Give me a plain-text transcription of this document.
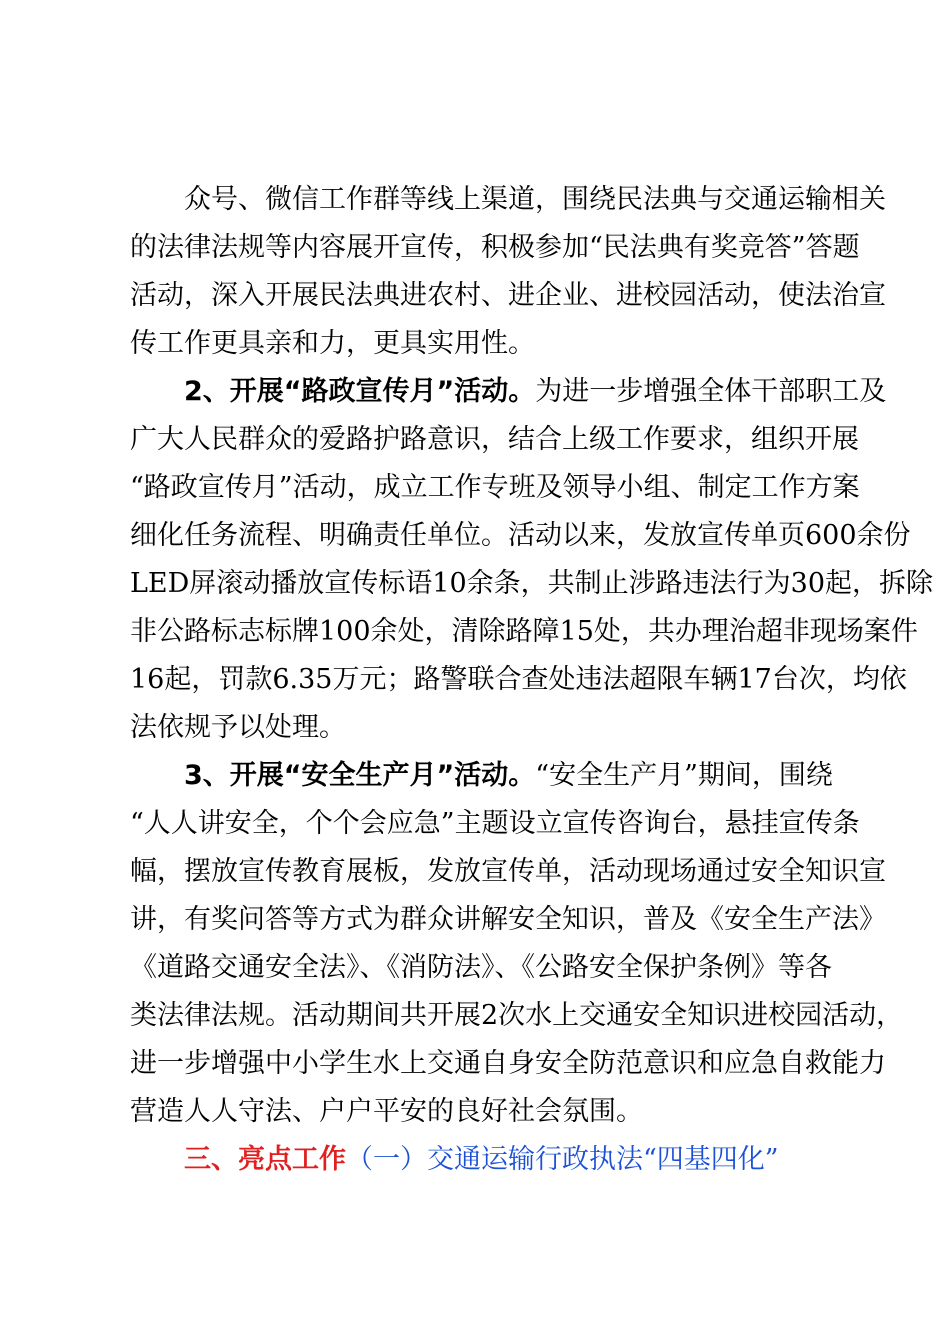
众号、微信工作群等线上渠道，围绕民法典与交通运输相关
的法律法规等内容展开宣传，积极参加“民法典有奖竞答”答题
活动，深入开展民法典进农村、进企业、进校园活动，使法治宣
传工作更具亲和力，更具实用性。

2、开展“路政宣传月”活动。为进一步增强全体干部职工及
广大人民群众的爱路护路意识，结合上级工作要求，组织开展
“路政宣传月”活动，成立工作专班及领导小组、制定工作方案
细化任务流程、明确责任单位。活动以来，发放宣传单页600余份
LED屏滚动播放宣传标语10余条，共制止涉路违法行为30起，拆除
非公路标志标牌100余处，清除路障15处，共办理治超非现场案件
16起，罚款6.35万元；路警联合查处违法超限车辆17台次，均依
法依规予以处理。

3、开展“安全生产月”活动。“安全生产月”期间，围绕
“人人讲安全，个个会应急”主题设立宣传咨询台，悬挂宣传条
幅，摆放宣传教育展板，发放宣传单，活动现场通过安全知识宣
讲，有奖问答等方式为群众讲解安全知识，普及《安全生产法》
《道路交通安全法》、《消防法》、《公路安全保护条例》等各
类法律法规。活动期间共开展2次水上交通安全知识进校园活动，
进一步增强中小学生水上交通自身安全防范意识和应急自救能力
营造人人守法、户户平安的良好社会氛围。

三、亮点工作（一）交通运输行政执法“四基四化”
